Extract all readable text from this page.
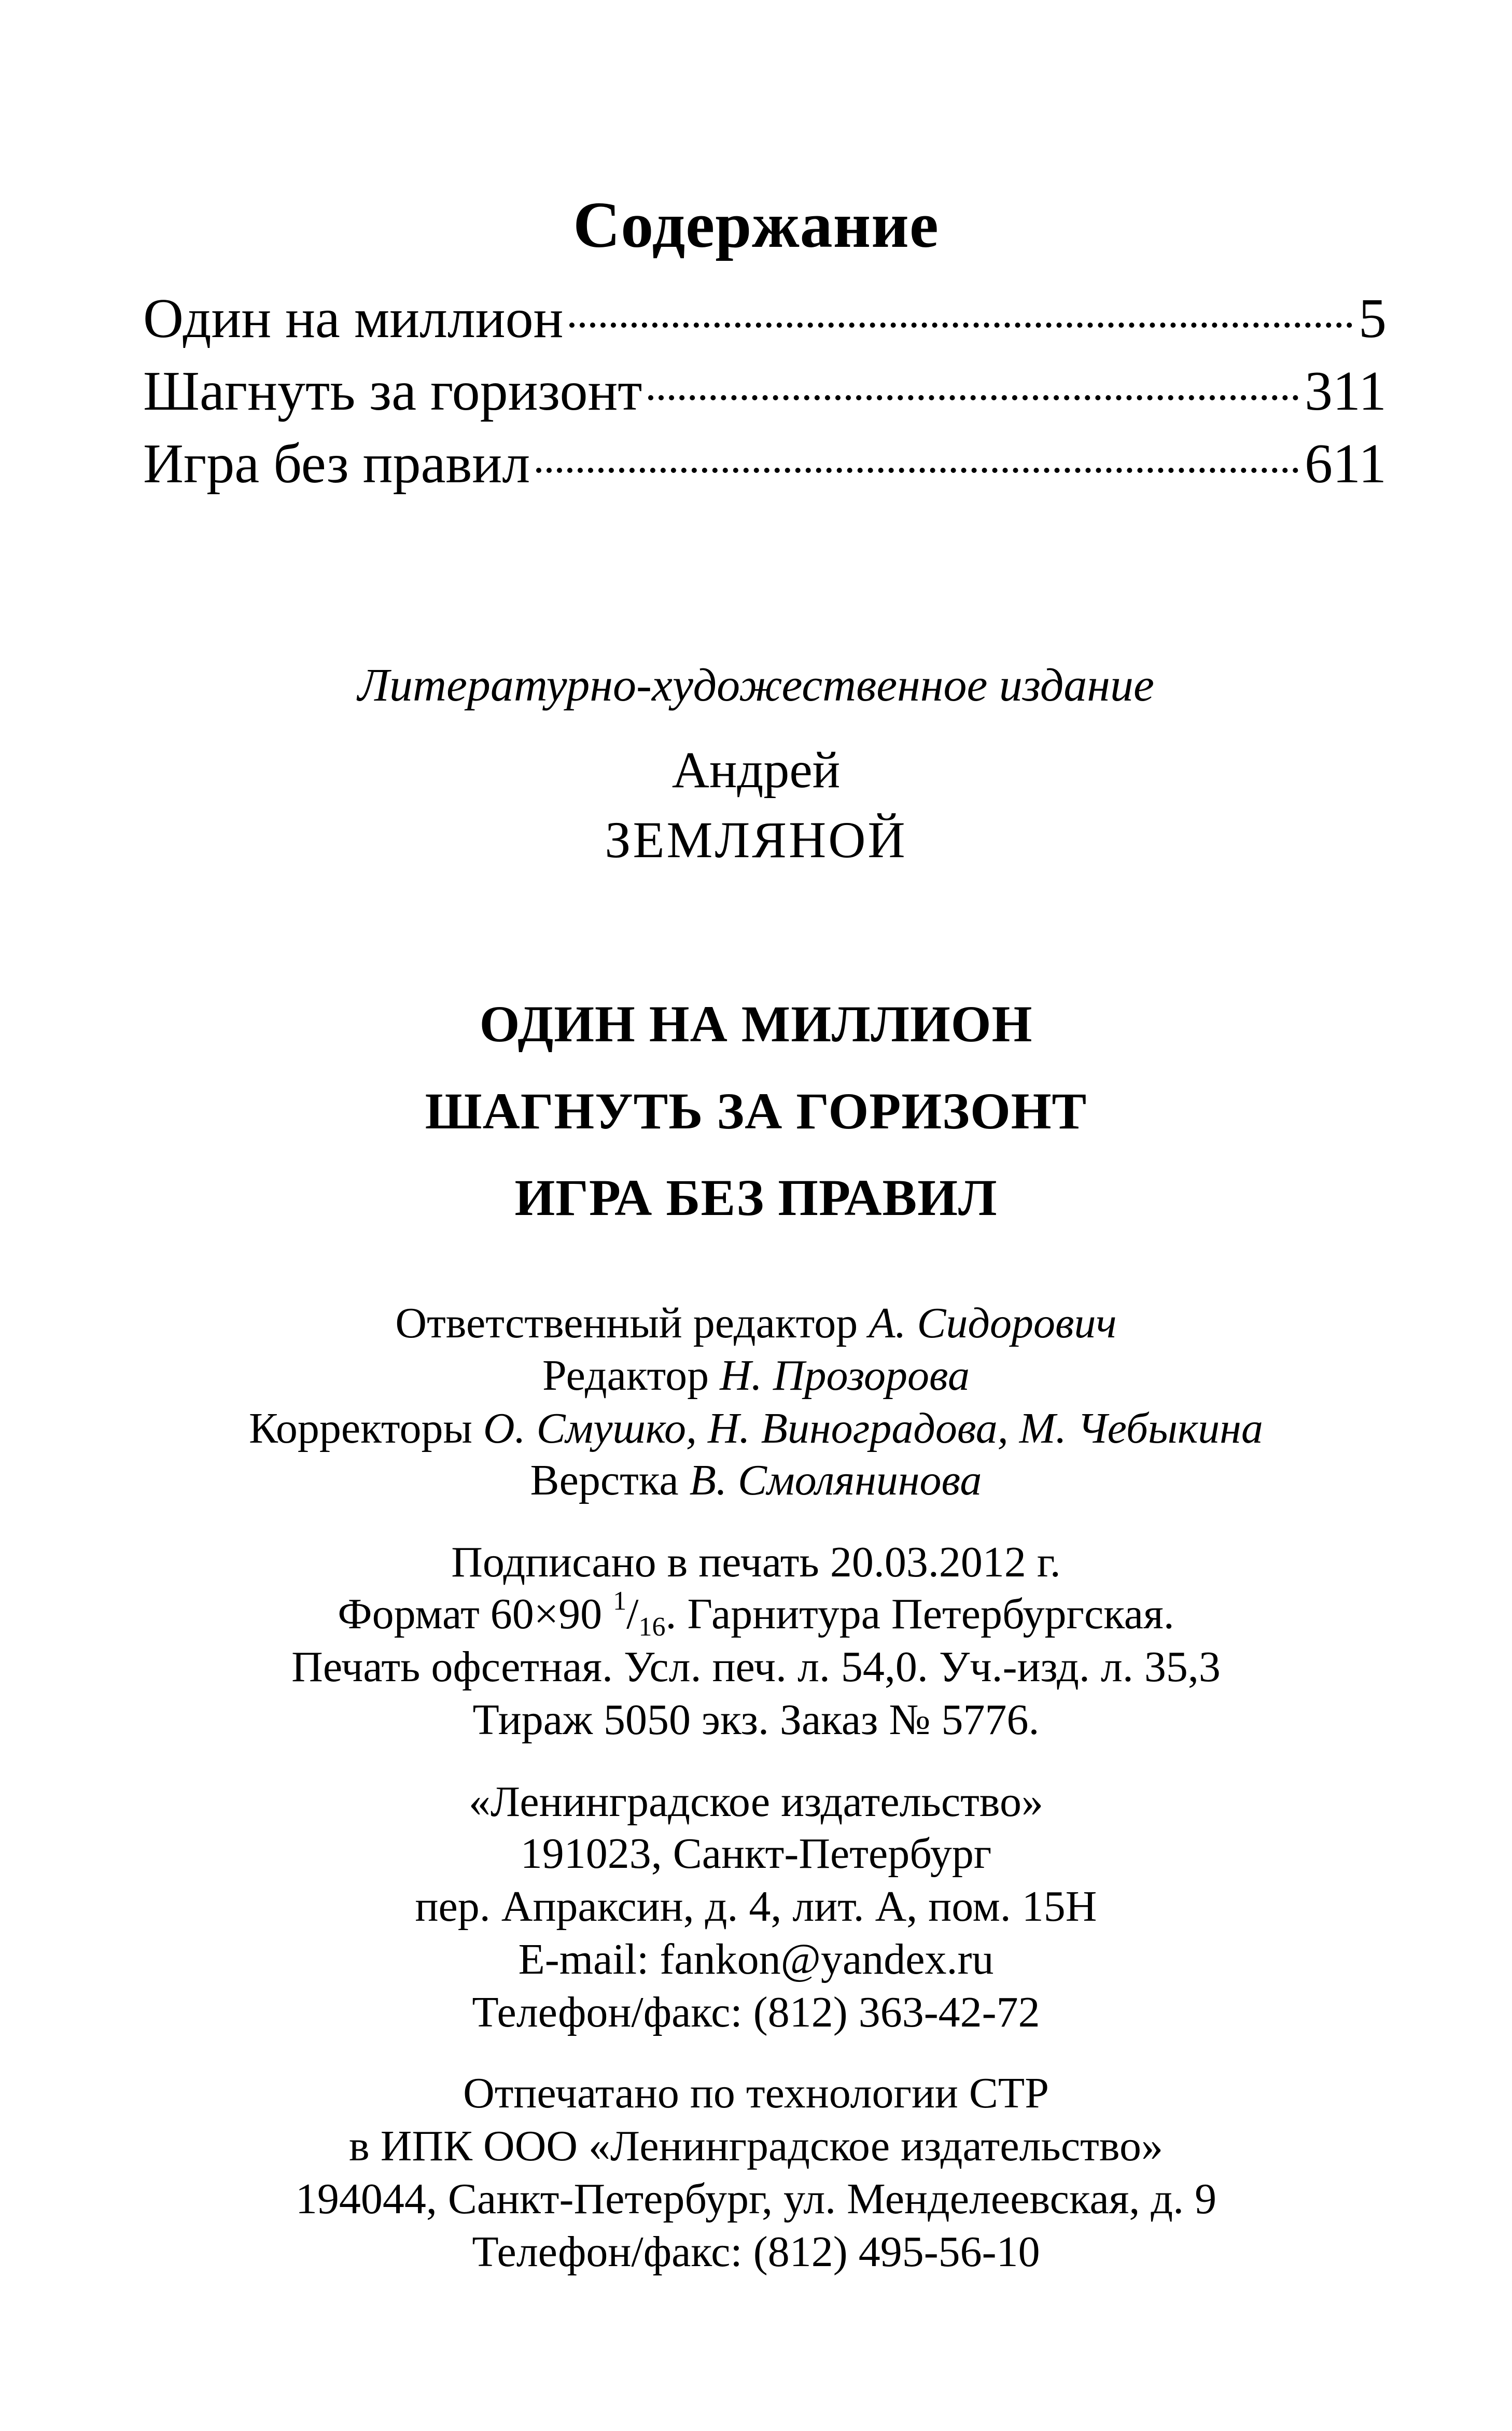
Содержание
Один на миллион	5
Шагнуть за горизонт	311
Игра без правил	611
Литературно-художественное издание
Андрей
ЗЕМЛЯНОЙ
ОДИН НА МИЛЛИОН
ШАГНУТЬ ЗА ГОРИЗОНТ
ИГРА БЕЗ ПРАВИЛ
Ответственный редактор А. Сидорович
Редактор Н. Прозорова
Корректоры О. Смушко, Н. Виноградова, М. Чебыкина
Верстка В. Смолянинова
Подписано в печать 20.03.2012 г.
Формат 60×90 $^1/_{16}$. Гарнитура Петербургская.
Печать офсетная. Усл. печ. л. 54,0. Уч.-изд. л. 35,3
Тираж 5050 экз. Заказ № 5776.
«Ленинградское издательство»
191023, Санкт-Петербург
пер. Апраксин, д. 4, лит. А, пом. 15Н
E-mail: fankon@yandex.ru
Телефон/факс: (812) 363-42-72
Отпечатано по технологии CTP
в ИПК ООО «Ленинградское издательство»
194044, Санкт-Петербург, ул. Менделеевская, д. 9
Телефон/факс: (812) 495-56-10
